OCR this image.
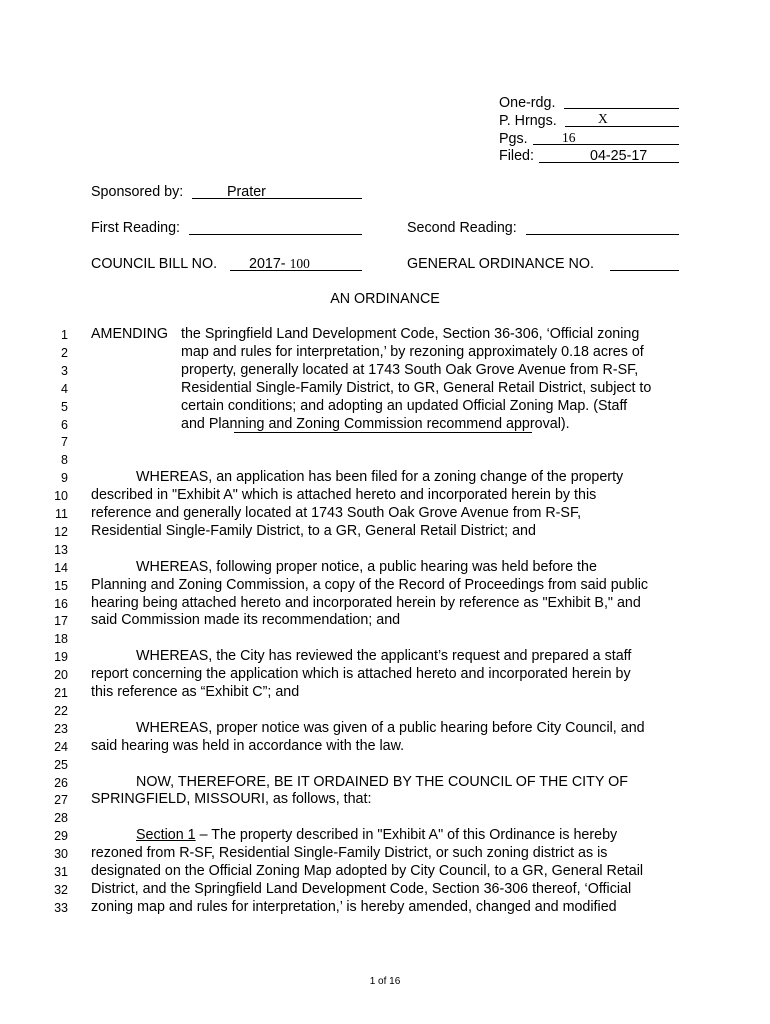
One-rdg.
P. Hrngs.	X
Pgs.	16
Filed:	04-25-17
Sponsored by:	Prater
First Reading:	Second Reading:
COUNCIL BILL NO. 2017- 100	GENERAL ORDINANCE NO.
AN ORDINANCE
AMENDING
1	the Springfield Land Development Code, Section 36-306, ‘Official zoning
2	map and rules for interpretation,’ by rezoning approximately 0.18 acres of
3	property, generally located at 1743 South Oak Grove Avenue from R-SF,
4	Residential Single-Family District, to GR, General Retail District, subject to
5	certain conditions; and adopting an updated Official Zoning Map. (Staff
6	and Planning and Zoning Commission recommend approval).
7
8
9	WHEREAS, an application has been filed for a zoning change of the property
10 described in "Exhibit A" which is attached hereto and incorporated herein by this
11 reference and generally located at 1743 South Oak Grove Avenue from R-SF,
12 Residential Single-Family District, to a GR, General Retail District; and
13
14	WHEREAS, following proper notice, a public hearing was held before the
15 Planning and Zoning Commission, a copy of the Record of Proceedings from said public
16 hearing being attached hereto and incorporated herein by reference as "Exhibit B," and
17 said Commission made its recommendation; and
18
19	WHEREAS, the City has reviewed the applicant’s request and prepared a staff
20 report concerning the application which is attached hereto and incorporated herein by
21 this reference as “Exhibit C”; and
22
23	WHEREAS, proper notice was given of a public hearing before City Council, and
24 said hearing was held in accordance with the law.
25
26	NOW, THEREFORE, BE IT ORDAINED BY THE COUNCIL OF THE CITY OF
27 SPRINGFIELD, MISSOURI, as follows, that:
28
29	Section 1 – The property described in "Exhibit A" of this Ordinance is hereby
30 rezoned from R-SF, Residential Single-Family District, or such zoning district as is
31 designated on the Official Zoning Map adopted by City Council, to a GR, General Retail
32 District, and the Springfield Land Development Code, Section 36-306 thereof, ‘Official
33 zoning map and rules for interpretation,’ is hereby amended, changed and modified
1 of 16
